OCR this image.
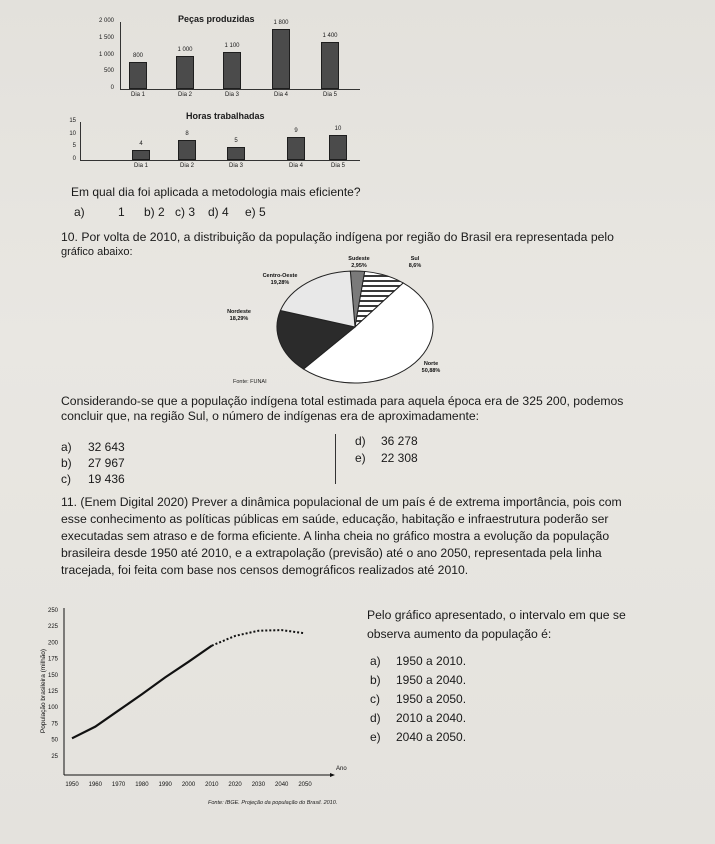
Peças produzidas
2 000
1 500
1 000
500
0
800
Dia 1
1 000
Dia 2
1 100
Dia 3
1 800
Dia 4
1 400
Dia 5
Horas trabalhadas
15
10
5
0
4
Dia 1
8
Dia 2
5
Dia 3
9
Dia 4
10
Dia 5
Em qual dia foi aplicada a metodologia mais eficiente?
a)	1 b) 2 c) 3 d) 4 e) 5
10. Por volta de 2010, a distribuição da população indígena por região do Brasil era representada pelo
gráfico abaixo:
Sudeste
2,95%
Sul
8,6%
Norte
50,88%
Nordeste
18,29%
Centro-Oeste
19,28%
Fonte: FUNAI
Considerando-se que a população indígena total estimada para aquela época era de 325 200, podemos
concluir que, na região Sul, o número de indígenas era de aproximadamente:
a) 32 643
b) 27 967
c) 19 436
d) 36 278
e) 22 308
11. (Enem Digital 2020) Prever a dinâmica populacional de um país é de extrema importância, pois com
esse conhecimento as políticas públicas em saúde, educação, habitação e infraestrutura poderão ser
executadas sem atraso e de forma eficiente. A linha cheia no gráfico mostra a evolução da população
brasileira desde 1950 até 2010, e a extrapolação (previsão) até o ano 2050, representada pela linha
tracejada, foi feita com base nos censos demográficos realizados até 2010.
250
225
200
175
150
125
100
75
50
25
1950 1960 1970 1980 1990 2000 2010 2020 2030 2040 2050
População brasileira (milhão)
Ano
Pelo gráfico apresentado, o intervalo em que se
observa aumento da população é:
a) 1950 a 2010.
b) 1950 a 2040.
c) 1950 a 2050.
d) 2010 a 2040.
e) 2040 a 2050.
Fonte: IBGE. Projeção da população do Brasil. 2010.
